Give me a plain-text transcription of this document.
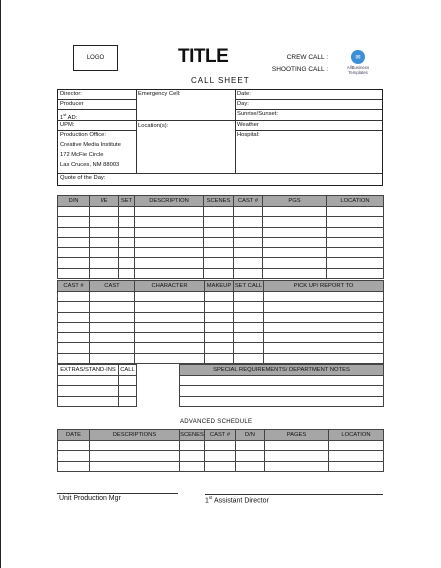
LOGO	TITLE	CREW CALL :
SHOOTING CALL :
✉
AllBusiness
Templates
CALL SHEET
Director:
Producer
1st AD:
UPM:
Production Office:
Creative Media Institute
172 McFie Circle
Las Cruces, NM 88003
Emergency Cell:
Location(s):
Date:
Day:
Sunrise/Sunset:
Weather
Hospital:
Quote of the Day:
D/N	I/E	SET	DESCRIPTION	SCENES	CAST #	PGS	LOCATION

CAST #	CAST	CHARACTER	MAKEUP	SET CALL	PICK UP/ REPORT TO

EXTRAS/STAND-INS	CALL

		SPECIAL REQUIREMENTS/ DEPARTMENT NOTES

ADVANCED SCHEDULE
DATE	DESCRIPTIONS	SCENES	CAST #	D/N	PAGES	LOCATION

Unit Production Mgr	1st Assistant Director
